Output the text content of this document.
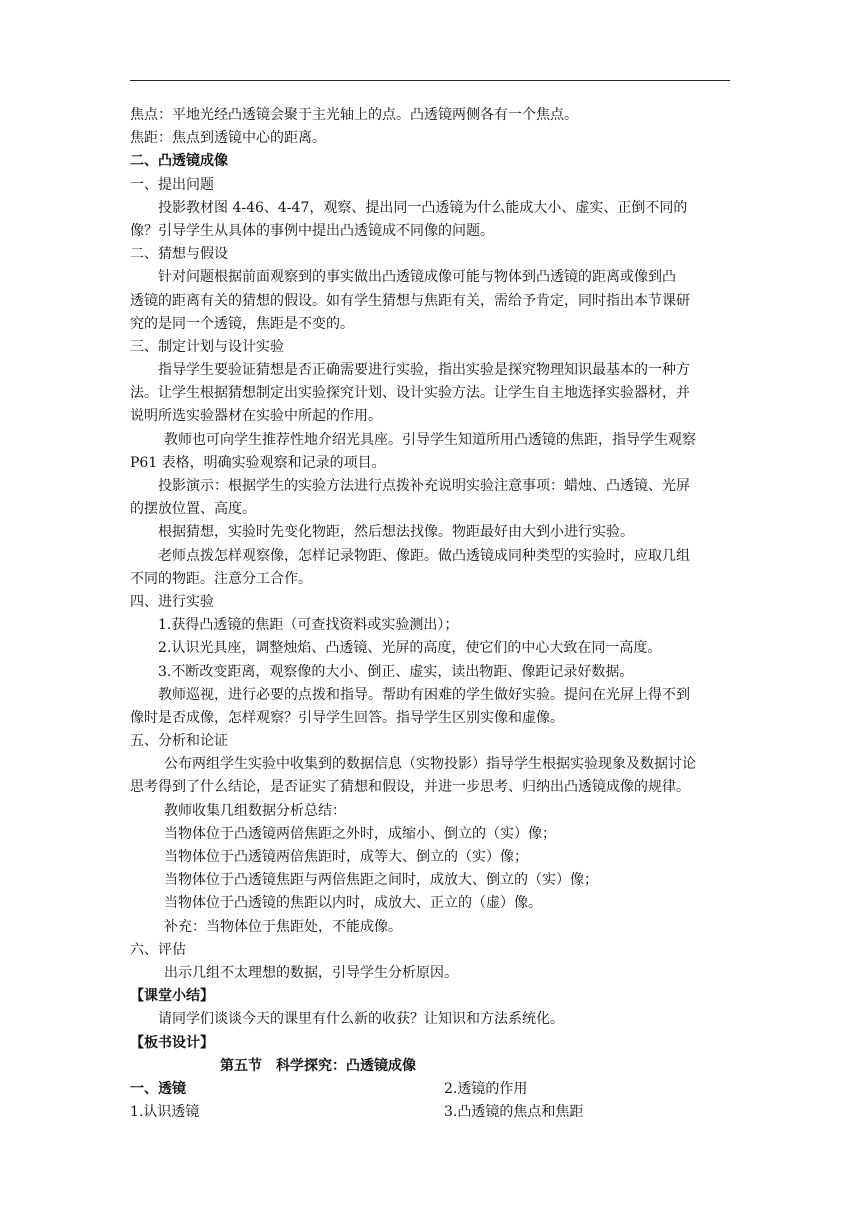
焦点：平地光经凸透镜会聚于主光轴上的点。凸透镜两侧各有一个焦点。
焦距：焦点到透镜中心的距离。
二、凸透镜成像
一、提出问题
投影教材图 4-46、4-47，观察、提出同一凸透镜为什么能成大小、虚实、正倒不同的
像？引导学生从具体的事例中提出凸透镜成不同像的问题。
二、猜想与假设
针对问题根据前面观察到的事实做出凸透镜成像可能与物体到凸透镜的距离或像到凸
透镜的距离有关的猜想的假设。如有学生猜想与焦距有关，需给予肯定，同时指出本节课研
究的是同一个透镜，焦距是不变的。
三、制定计划与设计实验
指导学生要验证猜想是否正确需要进行实验，指出实验是探究物理知识最基本的一种方
法。让学生根据猜想制定出实验探究计划、设计实验方法。让学生自主地选择实验器材，并
说明所选实验器材在实验中所起的作用。
教师也可向学生推荐性地介绍光具座。引导学生知道所用凸透镜的焦距，指导学生观察
P61 表格，明确实验观察和记录的项目。
投影演示：根据学生的实验方法进行点拨补充说明实验注意事项：蜡烛、凸透镜、光屏
的摆放位置、高度。
根据猜想，实验时先变化物距，然后想法找像。物距最好由大到小进行实验。
老师点拨怎样观察像，怎样记录物距、像距。做凸透镜成同种类型的实验时，应取几组
不同的物距。注意分工合作。
四、进行实验
1.获得凸透镜的焦距（可查找资料或实验测出）；
2.认识光具座，调整烛焰、凸透镜、光屏的高度，使它们的中心大致在同一高度。
3.不断改变距离，观察像的大小、倒正、虚实，读出物距、像距记录好数据。
教师巡视，进行必要的点拨和指导。帮助有困难的学生做好实验。提问在光屏上得不到
像时是否成像，怎样观察？引导学生回答。指导学生区别实像和虚像。
五、分析和论证
公布两组学生实验中收集到的数据信息（实物投影）指导学生根据实验现象及数据讨论
思考得到了什么结论，是否证实了猜想和假设，并进一步思考、归纳出凸透镜成像的规律。
教师收集几组数据分析总结：
当物体位于凸透镜两倍焦距之外时，成缩小、倒立的（实）像；
当物体位于凸透镜两倍焦距时，成等大、倒立的（实）像；
当物体位于凸透镜焦距与两倍焦距之间时，成放大、倒立的（实）像；
当物体位于凸透镜的焦距以内时，成放大、正立的（虚）像。
补充：当物体位于焦距处，不能成像。
六、评估
出示几组不太理想的数据，引导学生分析原因。
【课堂小结】
请同学们谈谈今天的课里有什么新的收获？让知识和方法系统化。
【板书设计】
第五节　科学探究：凸透镜成像
一、透镜	2.透镜的作用
1.认识透镜	3.凸透镜的焦点和焦距
